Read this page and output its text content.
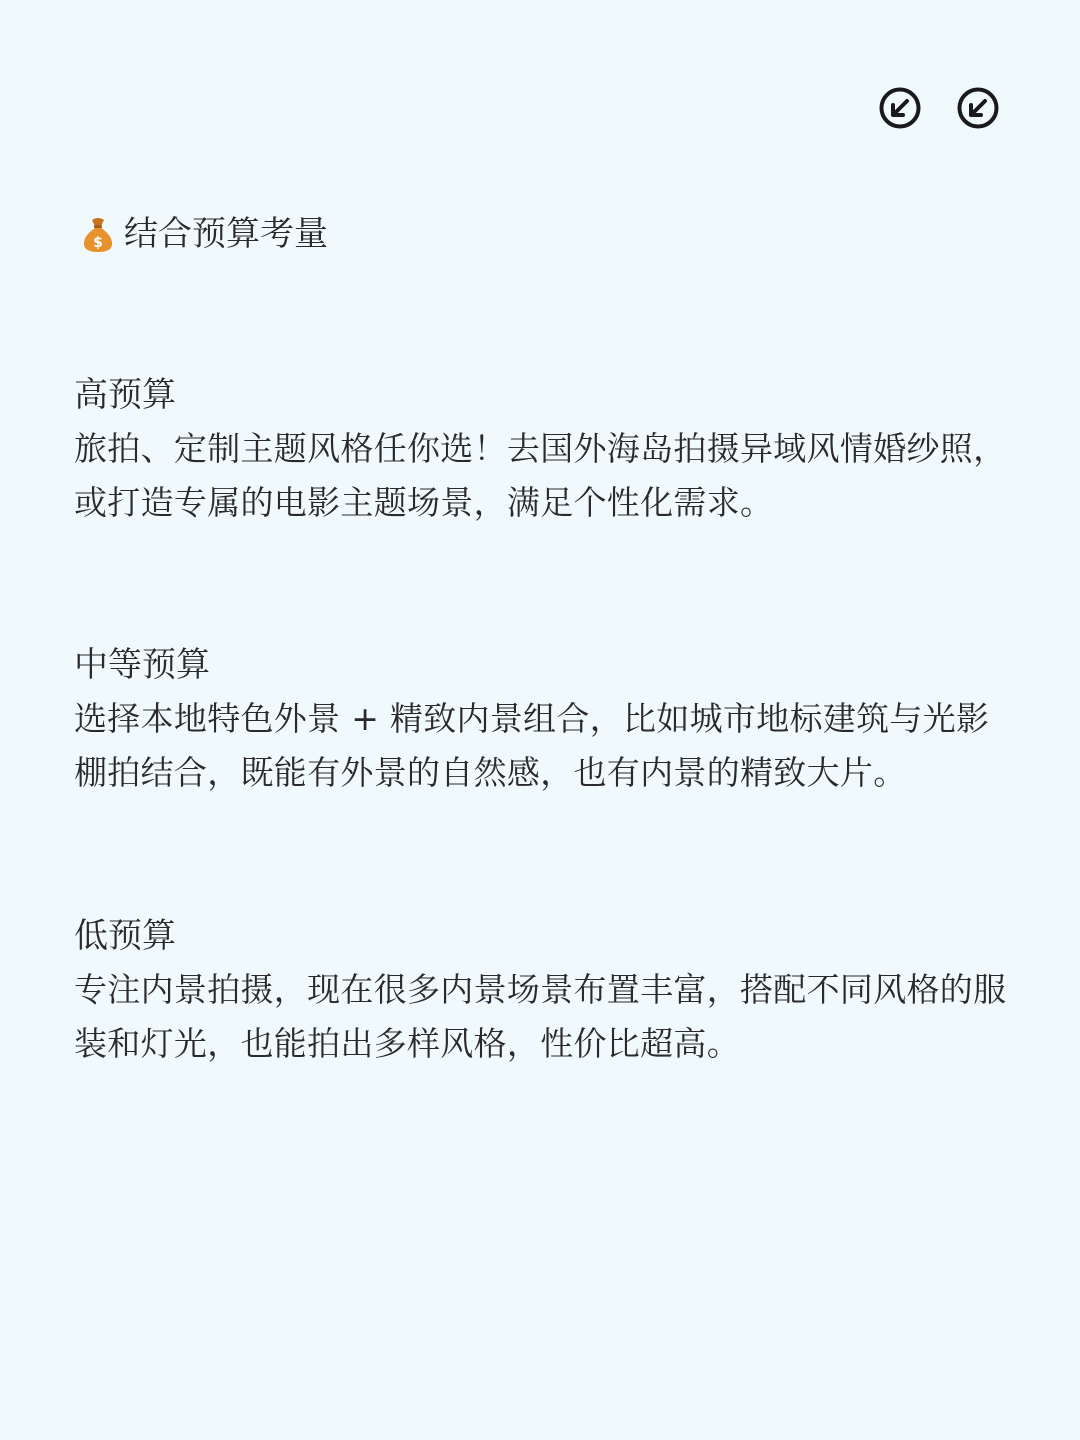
$ 结合预算考量

高预算

旅拍、定制主题风格任你选！去国外海岛拍摄异域风情婚纱照，或打造专属的电影主题场景，满足个性化需求。

中等预算

选择本地特色外景 + 精致内景组合，比如城市地标建筑与光影棚拍结合，既能有外景的自然感，也有内景的精致大片。

低预算

专注内景拍摄，现在很多内景场景布置丰富，搭配不同风格的服装和灯光，也能拍出多样风格，性价比超高。
